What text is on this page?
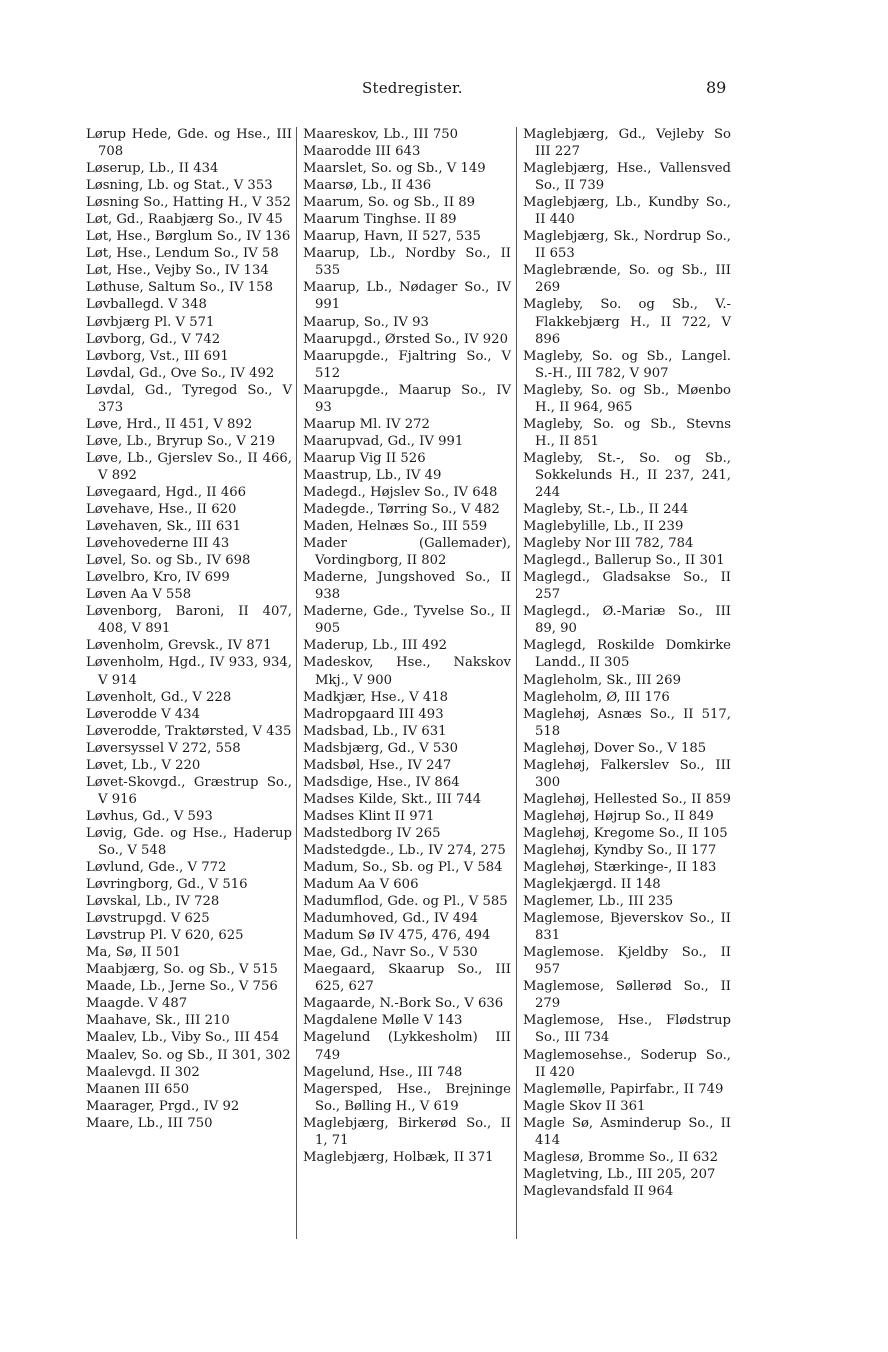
Stedregister.	89
Lørup Hede, Gde. og Hse., III 708
Løserup, Lb., II 434
Løsning, Lb. og Stat., V 353
Løsning So., Hatting H., V 352
Løt, Gd., Raabjærg So., IV 45
Løt, Hse., Børglum So., IV 136
Løt, Hse., Lendum So., IV 58
Løt, Hse., Vejby So., IV 134
Løthuse, Saltum So., IV 158
Løvballegd. V 348
Løvbjærg Pl. V 571
Løvborg, Gd., V 742
Løvborg, Vst., III 691
Løvdal, Gd., Ove So., IV 492
Løvdal, Gd., Tyregod So., V 373
Løve, Hrd., II 451, V 892
Løve, Lb., Bryrup So., V 219
Løve, Lb., Gjerslev So., II 466, V 892
Løvegaard, Hgd., II 466
Løvehave, Hse., II 620
Løvehaven, Sk., III 631
Løvehovederne III 43
Løvel, So. og Sb., IV 698
Løvelbro, Kro, IV 699
Løven Aa V 558
Løvenborg, Baroni, II 407, 408, V 891
Løvenholm, Grevsk., IV 871
Løvenholm, Hgd., IV 933, 934, V 914
Løvenholt, Gd., V 228
Løverodde V 434
Løverodde, Traktørsted, V 435
Løversyssel V 272, 558
Løvet, Lb., V 220
Løvet-Skovgd., Græstrup So., V 916
Løvhus, Gd., V 593
Løvig, Gde. og Hse., Haderup So., V 548
Løvlund, Gde., V 772
Løvringborg, Gd., V 516
Løvskal, Lb., IV 728
Løvstrupgd. V 625
Løvstrup Pl. V 620, 625
Ma, Sø, II 501
Maabjærg, So. og Sb., V 515
Maade, Lb., Jerne So., V 756
Maagde. V 487
Maahave, Sk., III 210
Maalev, Lb., Viby So., III 454
Maalev, So. og Sb., II 301, 302
Maalevgd. II 302
Maanen III 650
Maarager, Prgd., IV 92
Maare, Lb., III 750
Maareskov, Lb., III 750
Maarodde III 643
Maarslet, So. og Sb., V 149
Maarsø, Lb., II 436
Maarum, So. og Sb., II 89
Maarum Tinghse. II 89
Maarup, Havn, II 527, 535
Maarup, Lb., Nordby So., II 535
Maarup, Lb., Nødager So., IV 991
Maarup, So., IV 93
Maarupgd., Ørsted So., IV 920
Maarupgde., Fjaltring So., V 512
Maarupgde., Maarup So., IV 93
Maarup Ml. IV 272
Maarupvad, Gd., IV 991
Maarup Vig II 526
Maastrup, Lb., IV 49
Madegd., Højslev So., IV 648
Madegde., Tørring So., V 482
Maden, Helnæs So., III 559
Mader (Gallemader), Vordingborg, II 802
Maderne, Jungshoved So., II 938
Maderne, Gde., Tyvelse So., II 905
Maderup, Lb., III 492
Madeskov, Hse., Nakskov Mkj., V 900
Madkjær, Hse., V 418
Madropgaard III 493
Madsbad, Lb., IV 631
Madsbjærg, Gd., V 530
Madsbøl, Hse., IV 247
Madsdige, Hse., IV 864
Madses Kilde, Skt., III 744
Madses Klint II 971
Madstedborg IV 265
Madstedgde., Lb., IV 274, 275
Madum, So., Sb. og Pl., V 584
Madum Aa V 606
Madumflod, Gde. og Pl., V 585
Madumhoved, Gd., IV 494
Madum Sø IV 475, 476, 494
Mae, Gd., Navr So., V 530
Maegaard, Skaarup So., III 625, 627
Magaarde, N.-Bork So., V 636
Magdalene Mølle V 143
Magelund (Lykkesholm) III 749
Magelund, Hse., III 748
Magersped, Hse., Brejninge So., Bølling H., V 619
Maglebjærg, Birkerød So., II 1, 71
Maglebjærg, Holbæk, II 371
Maglebjærg, Gd., Vejleby So III 227
Maglebjærg, Hse., Vallensved So., II 739
Maglebjærg, Lb., Kundby So., II 440
Maglebjærg, Sk., Nordrup So., II 653
Maglebrænde, So. og Sb., III 269
Magleby, So. og Sb., V.-Flakkebjærg H., II 722, V 896
Magleby, So. og Sb., Langel. S.-H., III 782, V 907
Magleby, So. og Sb., Møenbo H., II 964, 965
Magleby, So. og Sb., Stevns H., II 851
Magleby, St.-, So. og Sb., Sokkelunds H., II 237, 241, 244
Magleby, St.-, Lb., II 244
Maglebylille, Lb., II 239
Magleby Nor III 782, 784
Maglegd., Ballerup So., II 301
Maglegd., Gladsakse So., II 257
Maglegd., Ø.-Mariæ So., III 89, 90
Maglegd, Roskilde Domkirke Landd., II 305
Magleholm, Sk., III 269
Magleholm, Ø, III 176
Maglehøj, Asnæs So., II 517, 518
Maglehøj, Dover So., V 185
Maglehøj, Falkerslev So., III 300
Maglehøj, Hellested So., II 859
Maglehøj, Højrup So., II 849
Maglehøj, Kregome So., II 105
Maglehøj, Kyndby So., II 177
Maglehøj, Stærkinge-, II 183
Maglekjærgd. II 148
Maglemer, Lb., III 235
Maglemose, Bjeverskov So., II 831
Maglemose. Kjeldby So., II 957
Maglemose, Søllerød So., II 279
Maglemose, Hse., Flødstrup So., III 734
Maglemosehse., Soderup So., II 420
Maglemølle, Papirfabr., II 749
Magle Skov II 361
Magle Sø, Asminderup So., II 414
Maglesø, Bromme So., II 632
Magletving, Lb., III 205, 207
Maglevandsfald II 964
